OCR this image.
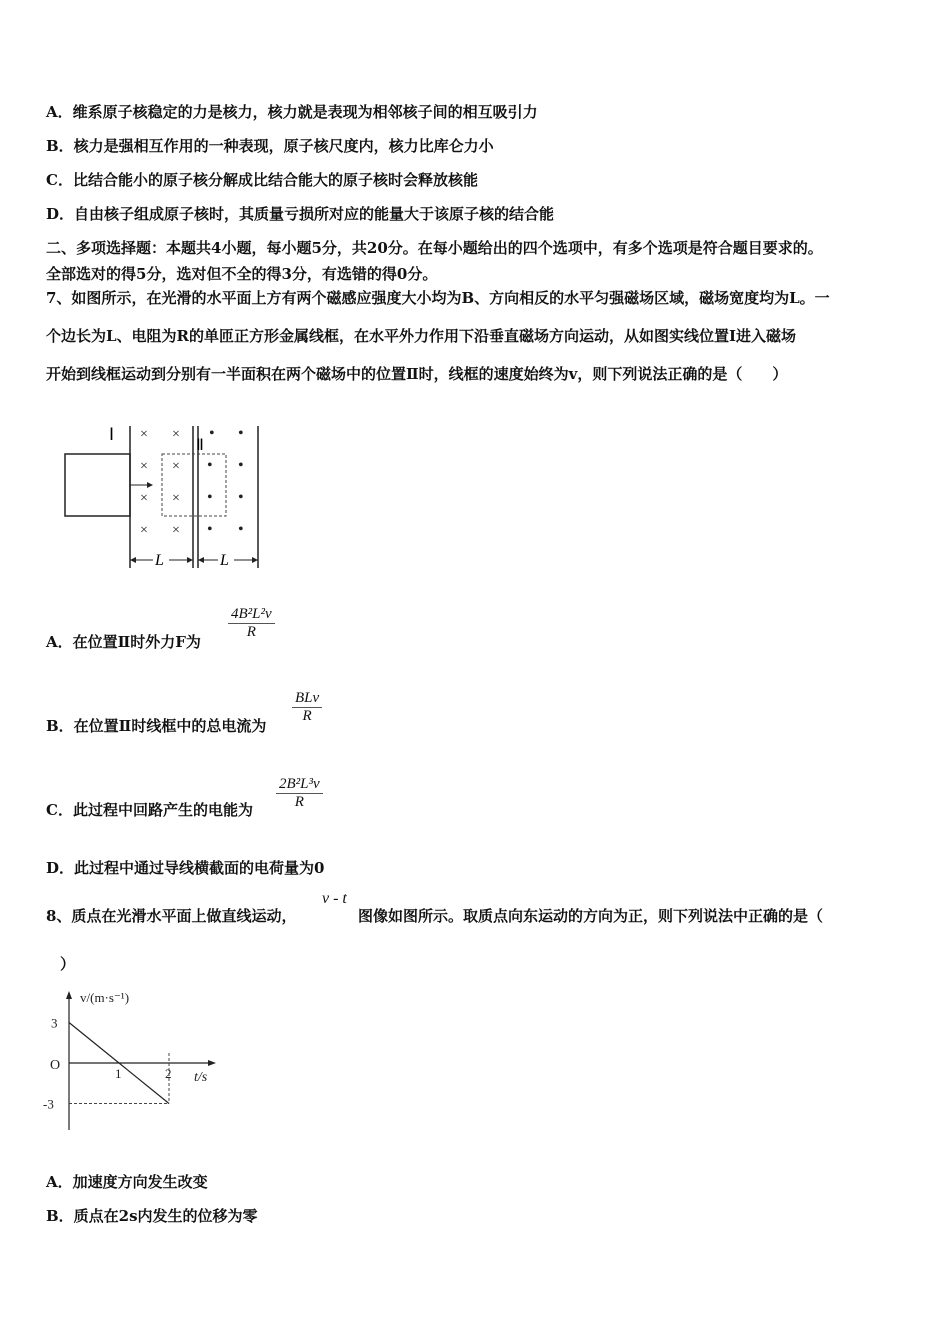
A．维系原子核稳定的力是核力，核力就是表现为相邻核子间的相互吸引力
B．核力是强相互作用的一种表现，原子核尺度内，核力比库仑力小
C．比结合能小的原子核分解成比结合能大的原子核时会释放核能
D．自由核子组成原子核时，其质量亏损所对应的能量大于该原子核的结合能
二、多项选择题：本题共4小题，每小题5分，共20分。在每小题给出的四个选项中，有多个选项是符合题目要求的。
全部选对的得5分，选对但不全的得3分，有选错的得0分。
7、如图所示，在光滑的水平面上方有两个磁感应强度大小均为B、方向相反的水平匀强磁场区域，磁场宽度均为L。一
个边长为L、电阻为R的单匝正方形金属线框，在水平外力作用下沿垂直磁场方向运动，从如图实线位置Ⅰ进入磁场
开始到线框运动到分别有一半面积在两个磁场中的位置Ⅱ时，线框的速度始终为v，则下列说法正确的是（　　）
Ⅰ
Ⅱ
× ×
× ×
× ×
× ×
• •
• •
• •
• •
L	L
A．在位置Ⅱ时外力F为
$\frac{\text{4B²L²v}}{R}$
B．在位置Ⅱ时线框中的总电流为
BLv
R
C．此过程中回路产生的电能为 $\frac{\text{2B²L³v}}{R}$
D．此过程中通过导线横截面的电荷量为0
8、质点在光滑水平面上做直线运动，
v - t
图像如图所示。取质点向东运动的方向为正，则下列说法中正确的是（
）
v/(m·s⁻¹)
O
t/s
3
-3
1	2
A．加速度方向发生改变
B．质点在2s内发生的位移为零
